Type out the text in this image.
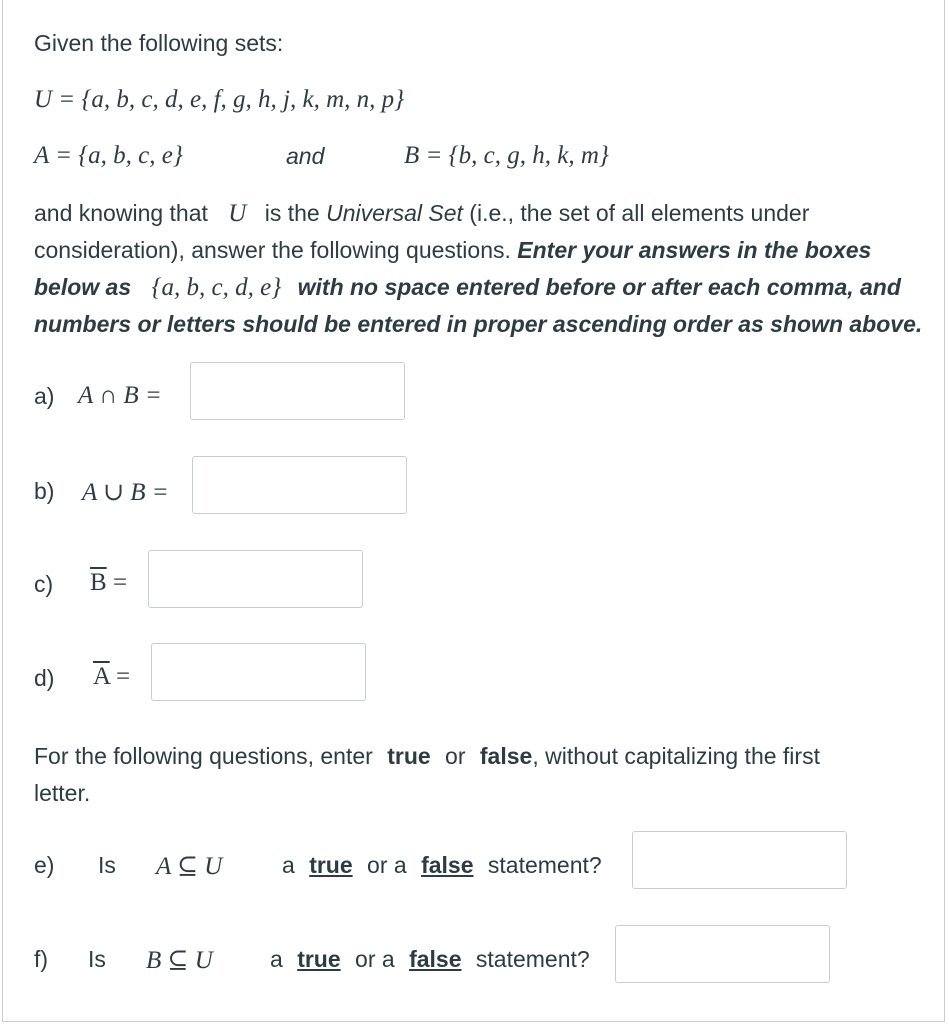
Given the following sets:
U = {a, b, c, d, e, f, g, h, j, k, m, n, p}
A = {a, b, c, e}	and	B = {b, c, g, h, k, m}
and knowing that U is the Universal Set (i.e., the set of all elements under
consideration), answer the following questions. Enter your answers in the boxes
below as {a, b, c, d, e} with no space entered before or after each comma, and
numbers or letters should be entered in proper ascending order as shown above.
a) A ∩ B =
b) A ∪ B =
c) $\overline{B}$ =
d) $\overline{A}$ =
For the following questions, enter true or false, without capitalizing the first
letter.
e) Is A ⊆ U	a true or a false statement?
f) Is B ⊆ U a true or a false statement?
